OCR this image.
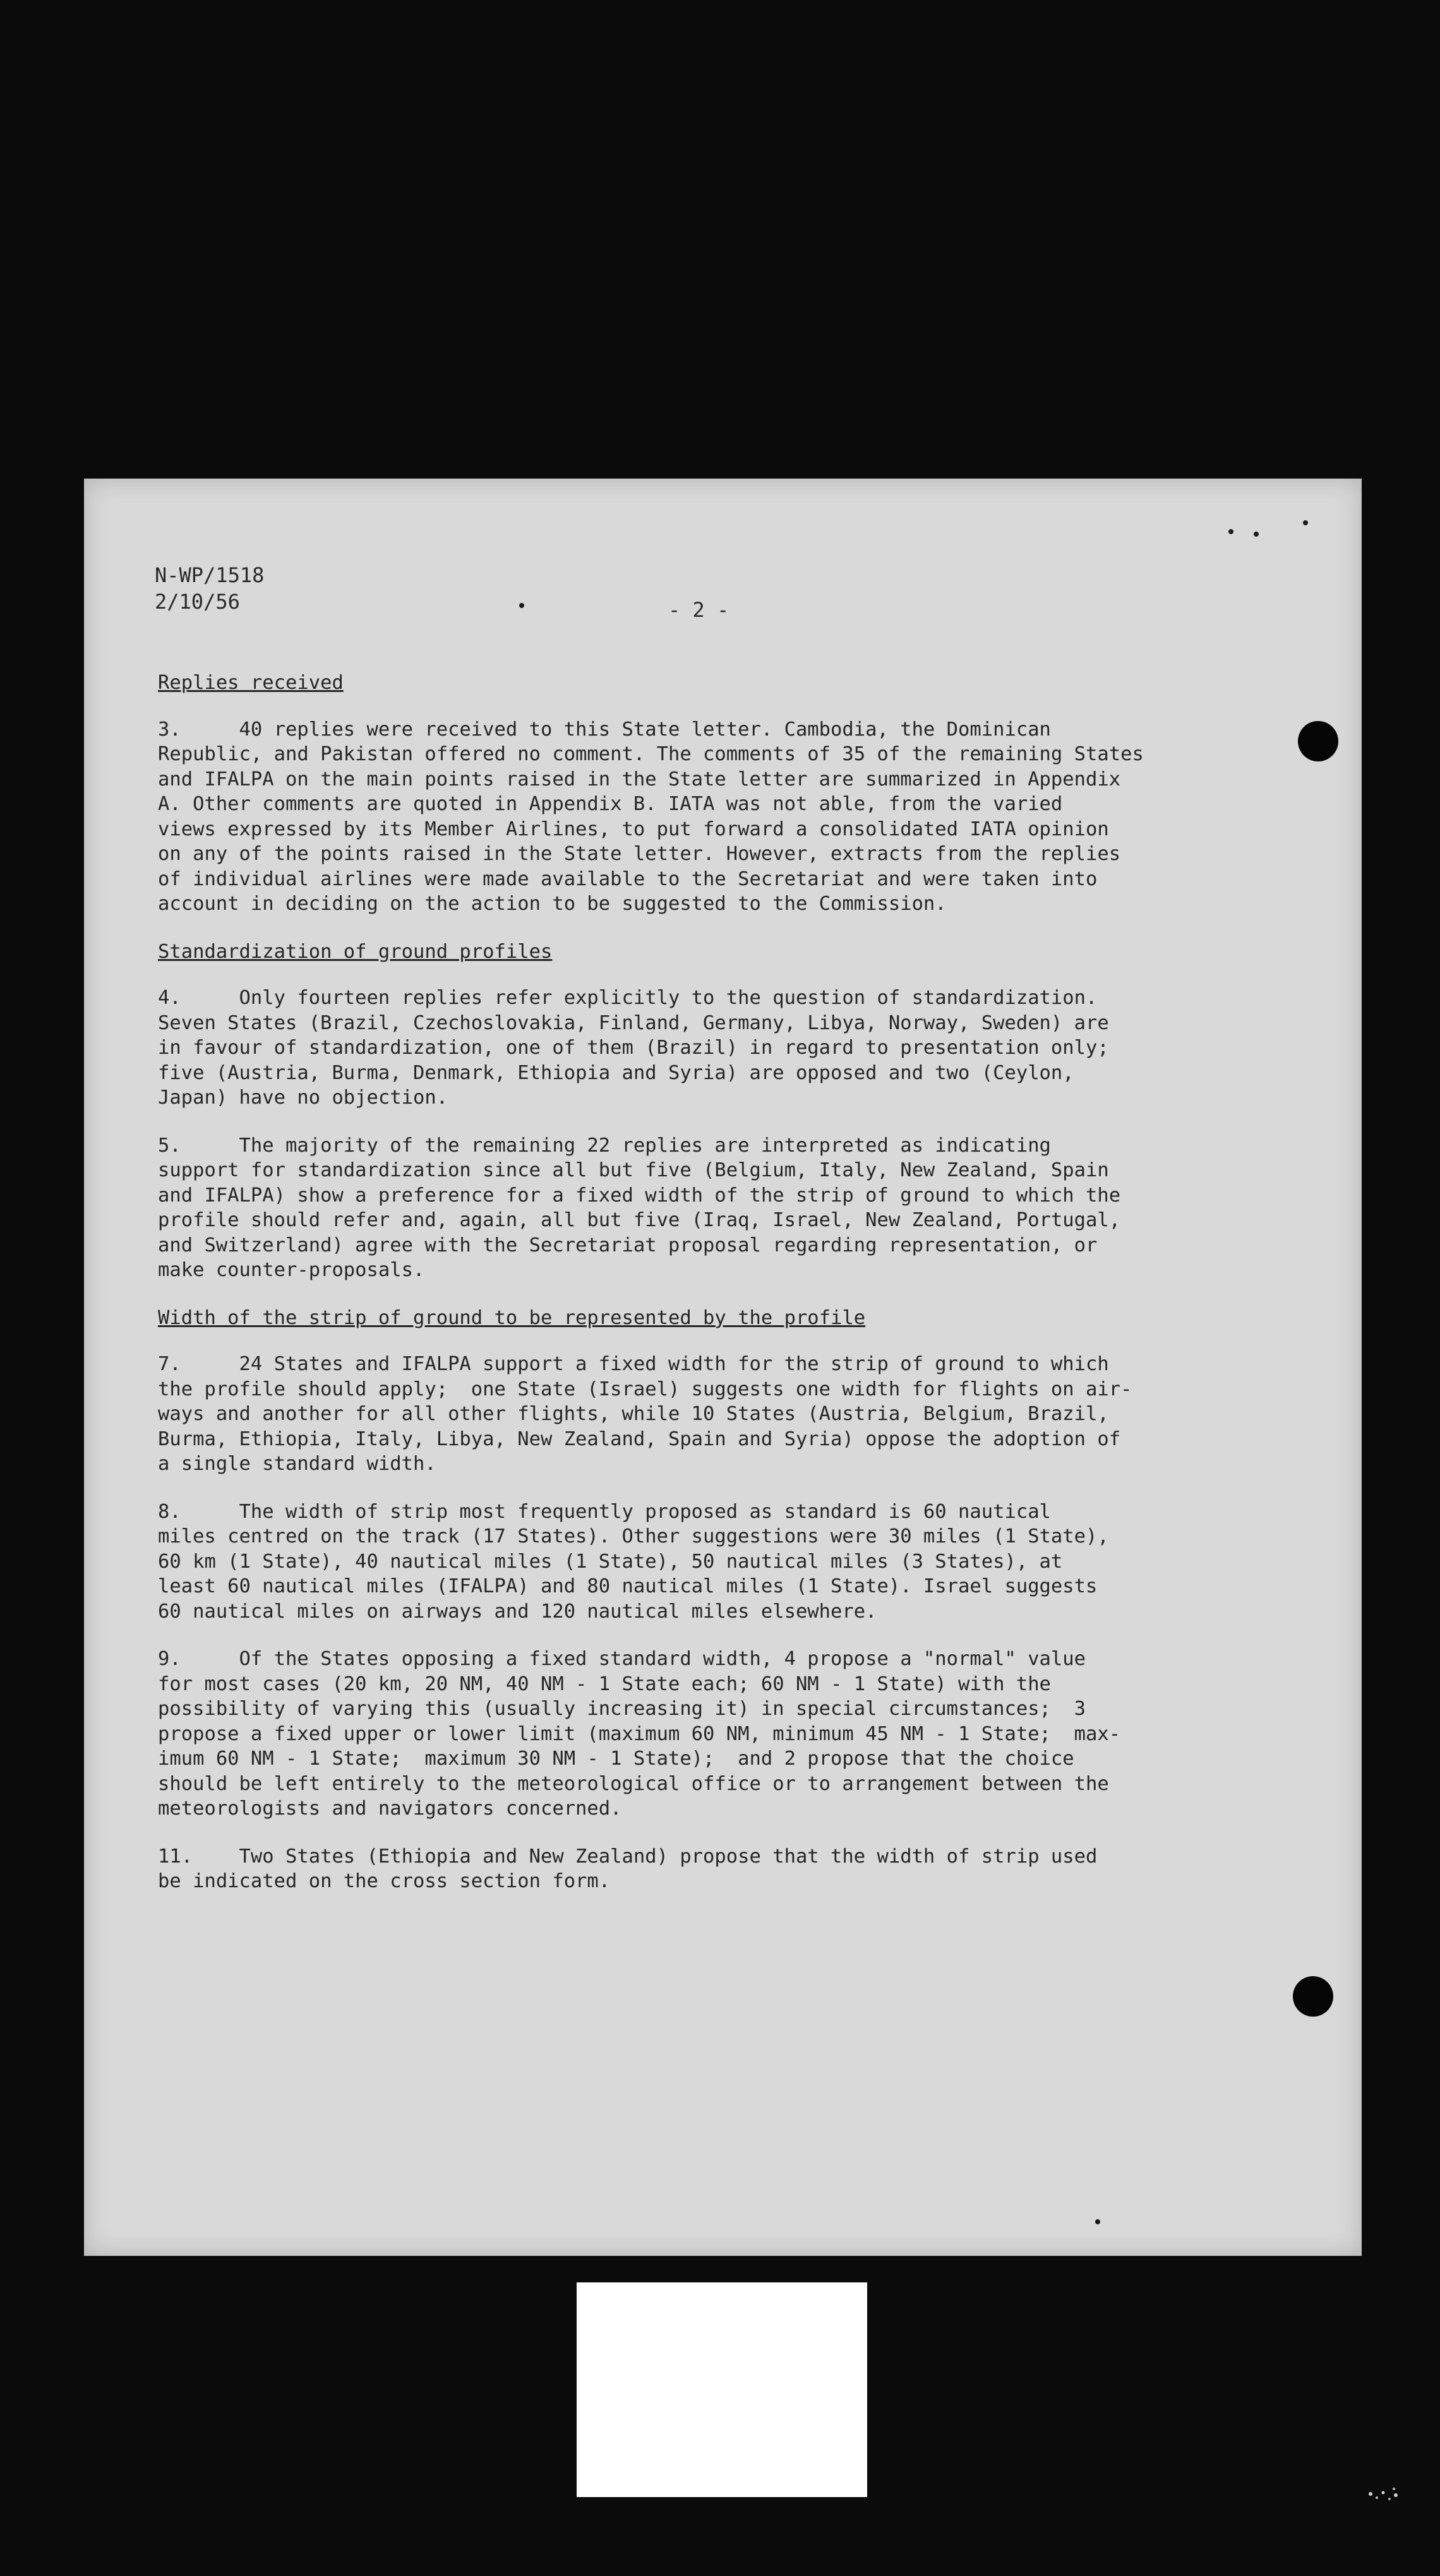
N-WP/1518
2/10/56	- 2 -
Replies received
3.     40 replies were received to this State letter. Cambodia, the Dominican
Republic, and Pakistan offered no comment. The comments of 35 of the remaining States
and IFALPA on the main points raised in the State letter are summarized in Appendix
A. Other comments are quoted in Appendix B. IATA was not able, from the varied
views expressed by its Member Airlines, to put forward a consolidated IATA opinion
on any of the points raised in the State letter. However, extracts from the replies
of individual airlines were made available to the Secretariat and were taken into
account in deciding on the action to be suggested to the Commission.
Standardization of ground profiles
4.     Only fourteen replies refer explicitly to the question of standardization.
Seven States (Brazil, Czechoslovakia, Finland, Germany, Libya, Norway, Sweden) are
in favour of standardization, one of them (Brazil) in regard to presentation only;
five (Austria, Burma, Denmark, Ethiopia and Syria) are opposed and two (Ceylon,
Japan) have no objection.
5.     The majority of the remaining 22 replies are interpreted as indicating
support for standardization since all but five (Belgium, Italy, New Zealand, Spain
and IFALPA) show a preference for a fixed width of the strip of ground to which the
profile should refer and, again, all but five (Iraq, Israel, New Zealand, Portugal,
and Switzerland) agree with the Secretariat proposal regarding representation, or
make counter-proposals.
Width of the strip of ground to be represented by the profile
7.     24 States and IFALPA support a fixed width for the strip of ground to which
the profile should apply;  one State (Israel) suggests one width for flights on air-
ways and another for all other flights, while 10 States (Austria, Belgium, Brazil,
Burma, Ethiopia, Italy, Libya, New Zealand, Spain and Syria) oppose the adoption of
a single standard width.
8.     The width of strip most frequently proposed as standard is 60 nautical
miles centred on the track (17 States). Other suggestions were 30 miles (1 State),
60 km (1 State), 40 nautical miles (1 State), 50 nautical miles (3 States), at
least 60 nautical miles (IFALPA) and 80 nautical miles (1 State). Israel suggests
60 nautical miles on airways and 120 nautical miles elsewhere.
9.     Of the States opposing a fixed standard width, 4 propose a "normal" value
for most cases (20 km, 20 NM, 40 NM - 1 State each; 60 NM - 1 State) with the
possibility of varying this (usually increasing it) in special circumstances;  3
propose a fixed upper or lower limit (maximum 60 NM, minimum 45 NM - 1 State;  max-
imum 60 NM - 1 State;  maximum 30 NM - 1 State);  and 2 propose that the choice
should be left entirely to the meteorological office or to arrangement between the
meteorologists and navigators concerned.
11.    Two States (Ethiopia and New Zealand) propose that the width of strip used
be indicated on the cross section form.
